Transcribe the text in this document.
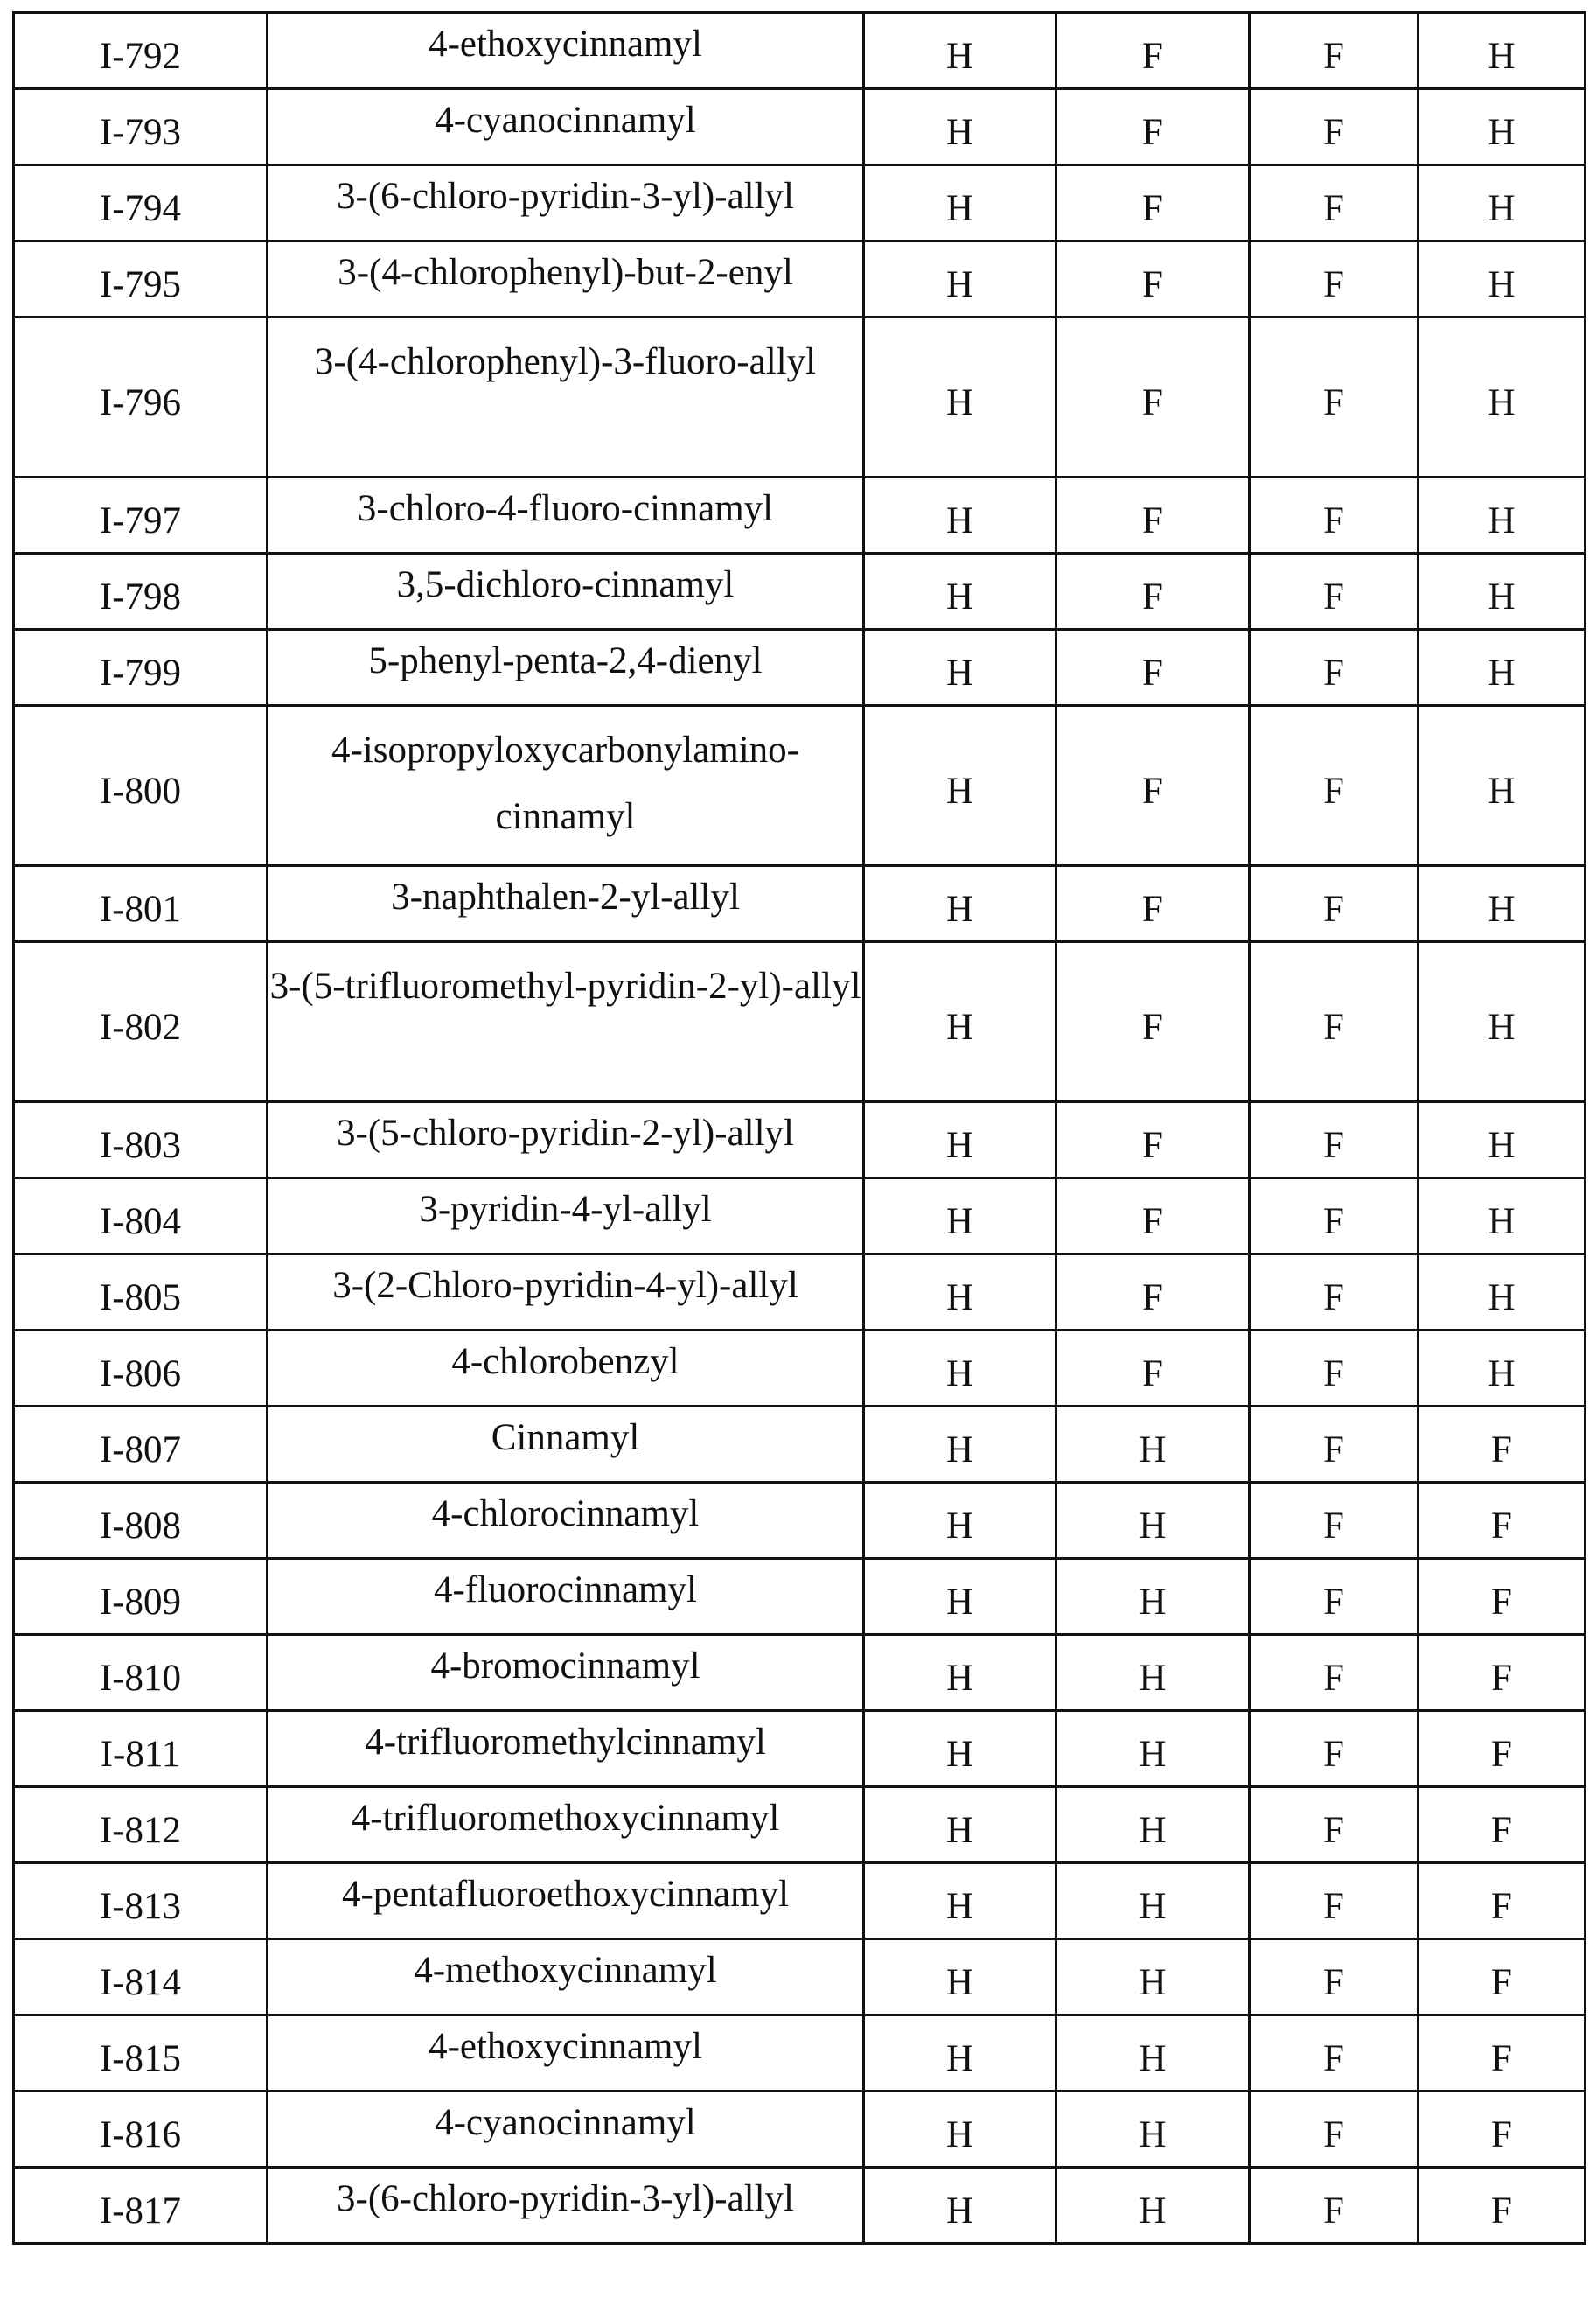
I-792	4-ethoxycinnamyl	H	F	F	H
I-793	4-cyanocinnamyl	H	F	F	H
I-794	3-(6-chloro-pyridin-3-yl)-allyl	H	F	F	H
I-795	3-(4-chlorophenyl)-but-2-enyl	H	F	F	H
I-796	3-(4-chlorophenyl)-3-fluoro-allyl	H	F	F	H
I-797	3-chloro-4-fluoro-cinnamyl	H	F	F	H
I-798	3,5-dichloro-cinnamyl	H	F	F	H
I-799	5-phenyl-penta-2,4-dienyl	H	F	F	H
I-800	4-isopropyloxycarbonylamino-cinnamyl	H	F	F	H
I-801	3-naphthalen-2-yl-allyl	H	F	F	H
I-802	3-(5-trifluoromethyl-pyridin-2-yl)-allyl	H	F	F	H
I-803	3-(5-chloro-pyridin-2-yl)-allyl	H	F	F	H
I-804	3-pyridin-4-yl-allyl	H	F	F	H
I-805	3-(2-Chloro-pyridin-4-yl)-allyl	H	F	F	H
I-806	4-chlorobenzyl	H	F	F	H
I-807	Cinnamyl	H	H	F	F
I-808	4-chlorocinnamyl	H	H	F	F
I-809	4-fluorocinnamyl	H	H	F	F
I-810	4-bromocinnamyl	H	H	F	F
I-811	4-trifluoromethylcinnamyl	H	H	F	F
I-812	4-trifluoromethoxycinnamyl	H	H	F	F
I-813	4-pentafluoroethoxycinnamyl	H	H	F	F
I-814	4-methoxycinnamyl	H	H	F	F
I-815	4-ethoxycinnamyl	H	H	F	F
I-816	4-cyanocinnamyl	H	H	F	F
I-817	3-(6-chloro-pyridin-3-yl)-allyl	H	H	F	F
